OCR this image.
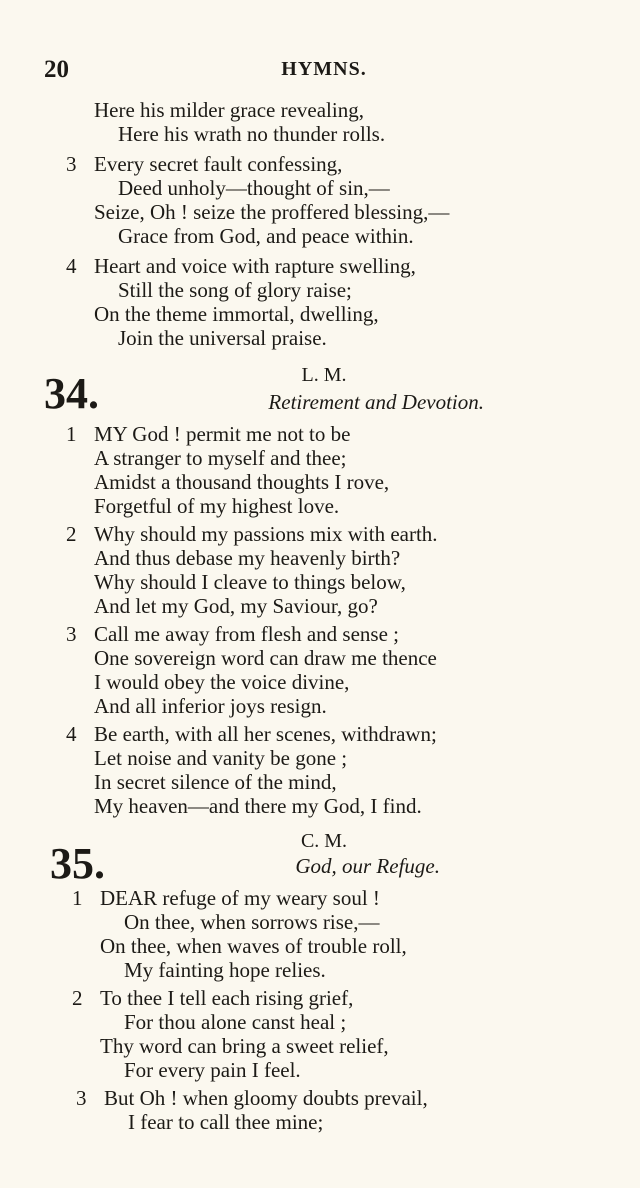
20	HYMNS.
Here his milder grace revealing,
Here his wrath no thunder rolls.
3 Every secret fault confessing,
Deed unholy—thought of sin,—
Seize, Oh ! seize the proffered blessing,—
Grace from God, and peace within.
4 Heart and voice with rapture swelling,
Still the song of glory raise;
On the theme immortal, dwelling,
Join the universal praise.
34.	L. M.
Retirement and Devotion.
1 MY God ! permit me not to be
A stranger to myself and thee;
Amidst a thousand thoughts I rove,
Forgetful of my highest love.
2 Why should my passions mix with earth.
And thus debase my heavenly birth?
Why should I cleave to things below,
And let my God, my Saviour, go?
3 Call me away from flesh and sense ;
One sovereign word can draw me thence
I would obey the voice divine,
And all inferior joys resign.
4 Be earth, with all her scenes, withdrawn;
Let noise and vanity be gone ;
In secret silence of the mind,
My heaven—and there my God, I find.
35.	C. M.
God, our Refuge.
1 DEAR refuge of my weary soul !
On thee, when sorrows rise,—
On thee, when waves of trouble roll,
My fainting hope relies.
2 To thee I tell each rising grief,
For thou alone canst heal ;
Thy word can bring a sweet relief,
For every pain I feel.
3 But Oh ! when gloomy doubts prevail,
I fear to call thee mine;
